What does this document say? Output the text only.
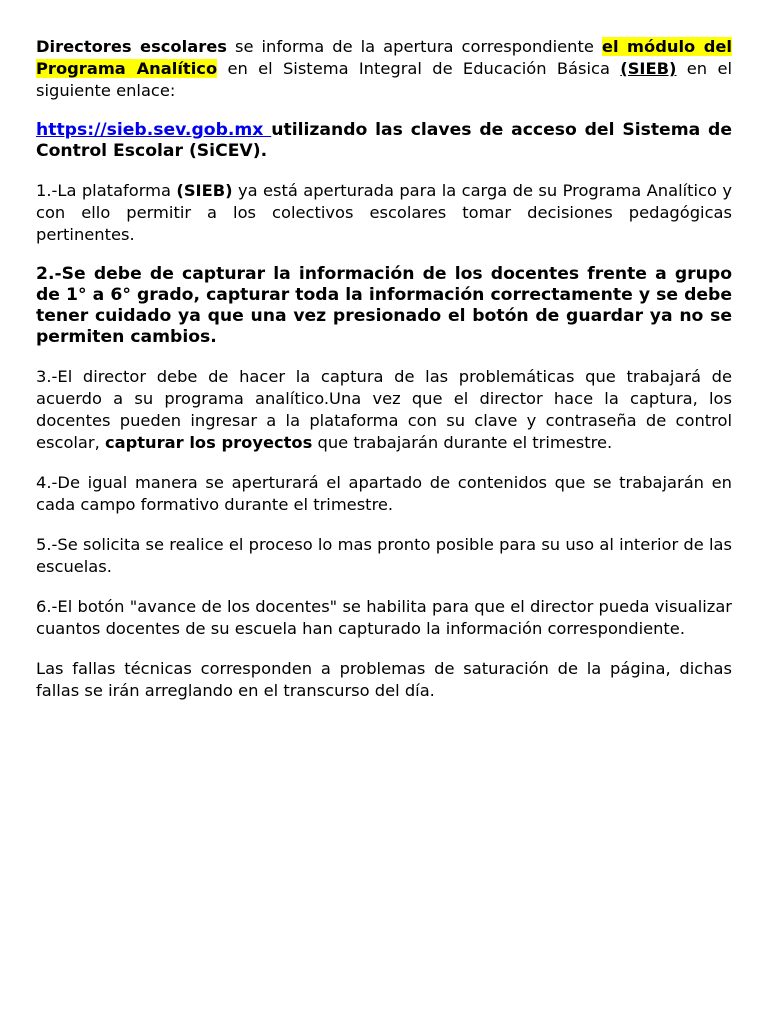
Directores escolares se informa de la apertura correspondiente el módulo del Programa Analítico en el Sistema Integral de Educación Básica (SIEB) en el siguiente enlace:

https://sieb.sev.gob.mx utilizando las claves de acceso del Sistema de Control Escolar (SiCEV).

1.-La plataforma (SIEB) ya está aperturada para la carga de su Programa Analítico y con ello permitir a los colectivos escolares tomar decisiones pedagógicas pertinentes.

2.-Se debe de capturar la información de los docentes frente a grupo de 1° a 6° grado, capturar toda la información correctamente y se debe tener cuidado ya que una vez presionado el botón de guardar ya no se permiten cambios.

3.-El director debe de hacer la captura de las problemáticas que trabajará de acuerdo a su programa analítico.Una vez que el director hace la captura, los docentes pueden ingresar a la plataforma con su clave y contraseña de control escolar, capturar los proyectos que trabajarán durante el trimestre.

4.-De igual manera se aperturará el apartado de contenidos que se trabajarán en cada campo formativo durante el trimestre.

5.-Se solicita se realice el proceso lo mas pronto posible para su uso al interior de las escuelas.

6.-El botón "avance de los docentes" se habilita para que el director pueda visualizar cuantos docentes de su escuela han capturado la información correspondiente.

Las fallas técnicas corresponden a problemas de saturación de la página, dichas fallas se irán arreglando en el transcurso del día.
